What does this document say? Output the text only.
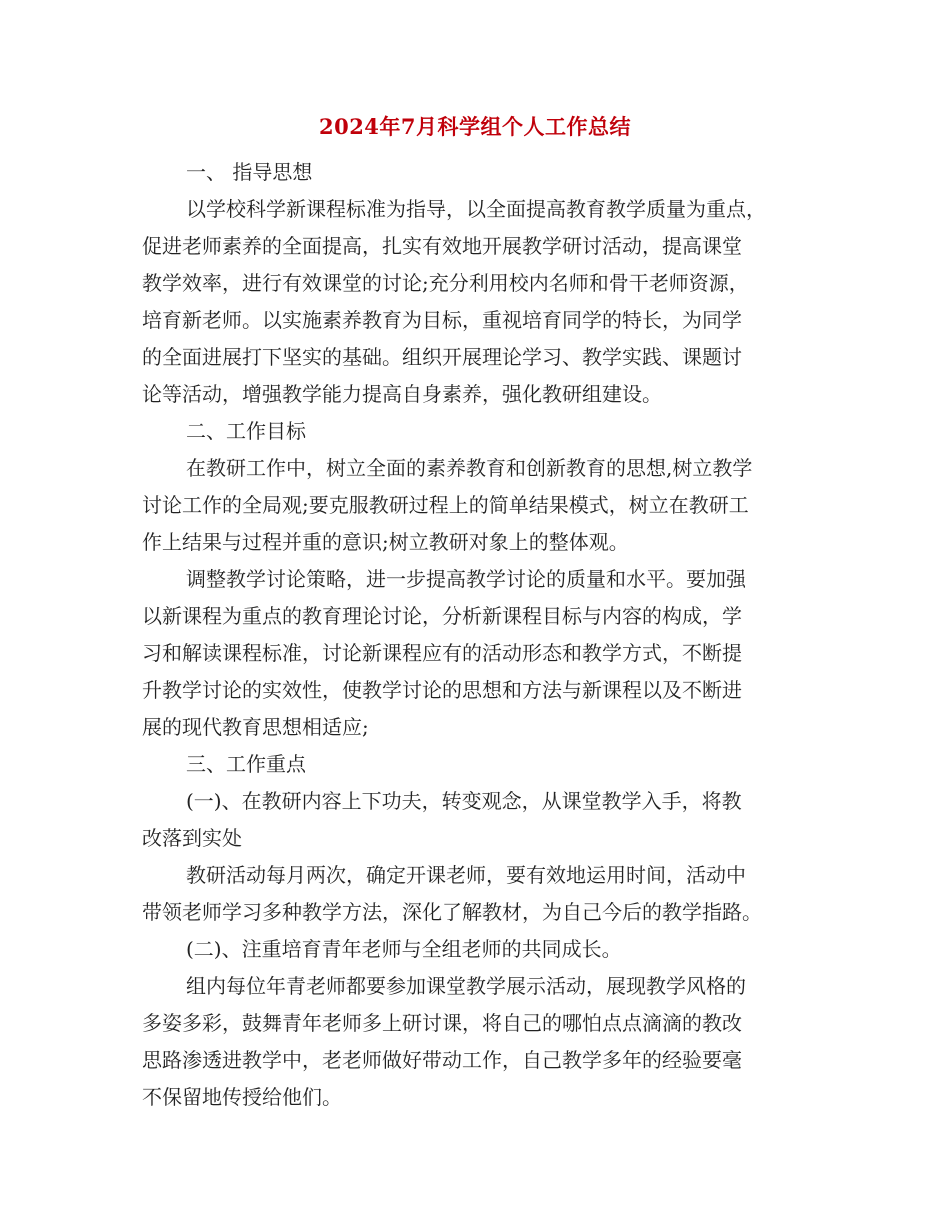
2024年7月科学组个人工作总结

一、 指导思想

以学校科学新课程标准为指导，以全面提高教育教学质量为重点，

促进老师素养的全面提高，扎实有效地开展教学研讨活动，提高课堂

教学效率，进行有效课堂的讨论;充分利用校内名师和骨干老师资源，

培育新老师。以实施素养教育为目标，重视培育同学的特长，为同学

的全面进展打下坚实的基础。组织开展理论学习、教学实践、课题讨

论等活动，增强教学能力提高自身素养，强化教研组建设。

二、工作目标

在教研工作中，树立全面的素养教育和创新教育的思想,树立教学

讨论工作的全局观;要克服教研过程上的简单结果模式，树立在教研工

作上结果与过程并重的意识;树立教研对象上的整体观。

调整教学讨论策略，进一步提高教学讨论的质量和水平。要加强

以新课程为重点的教育理论讨论，分析新课程目标与内容的构成，学

习和解读课程标准，讨论新课程应有的活动形态和教学方式，不断提

升教学讨论的实效性，使教学讨论的思想和方法与新课程以及不断进

展的现代教育思想相适应;

三、工作重点

(一)、在教研内容上下功夫，转变观念，从课堂教学入手，将教

改落到实处

教研活动每月两次，确定开课老师，要有效地运用时间，活动中

带领老师学习多种教学方法，深化了解教材，为自己今后的教学指路。

(二)、注重培育青年老师与全组老师的共同成长。

组内每位年青老师都要参加课堂教学展示活动，展现教学风格的

多姿多彩，鼓舞青年老师多上研讨课，将自己的哪怕点点滴滴的教改

思路渗透进教学中，老老师做好带动工作，自己教学多年的经验要毫

不保留地传授给他们。
